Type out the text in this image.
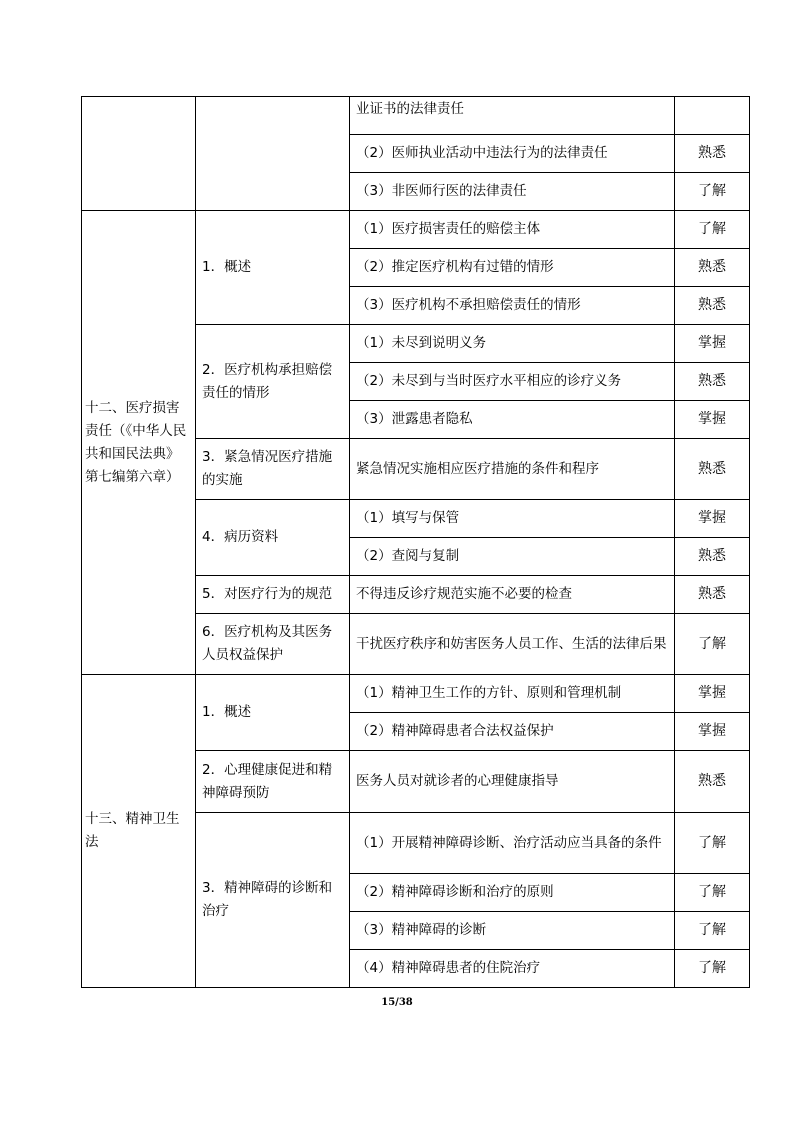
		业证书的法律责任	
		（2）医师执业活动中违法行为的法律责任	熟悉
		（3）非医师行医的法律责任	了解
十二、医疗损害责任（《中华人民共和国民法典》第七编第六章）	1．概述	（1）医疗损害责任的赔偿主体	了解
		（2）推定医疗机构有过错的情形	熟悉
		（3）医疗机构不承担赔偿责任的情形	熟悉
	2．医疗机构承担赔偿责任的情形	（1）未尽到说明义务	掌握
		（2）未尽到与当时医疗水平相应的诊疗义务	熟悉
		（3）泄露患者隐私	掌握
	3．紧急情况医疗措施的实施	紧急情况实施相应医疗措施的条件和程序	熟悉
	4．病历资料	（1）填写与保管	掌握
		（2）查阅与复制	熟悉
	5．对医疗行为的规范	不得违反诊疗规范实施不必要的检查	熟悉
	6．医疗机构及其医务人员权益保护	干扰医疗秩序和妨害医务人员工作、生活的法律后果	了解
十三、精神卫生法	1．概述	（1）精神卫生工作的方针、原则和管理机制	掌握
		（2）精神障碍患者合法权益保护	掌握
	2．心理健康促进和精神障碍预防	医务人员对就诊者的心理健康指导	熟悉
	3．精神障碍的诊断和治疗	（1）开展精神障碍诊断、治疗活动应当具备的条件	了解
		（2）精神障碍诊断和治疗的原则	了解
		（3）精神障碍的诊断	了解
		（4）精神障碍患者的住院治疗	了解
15/38
